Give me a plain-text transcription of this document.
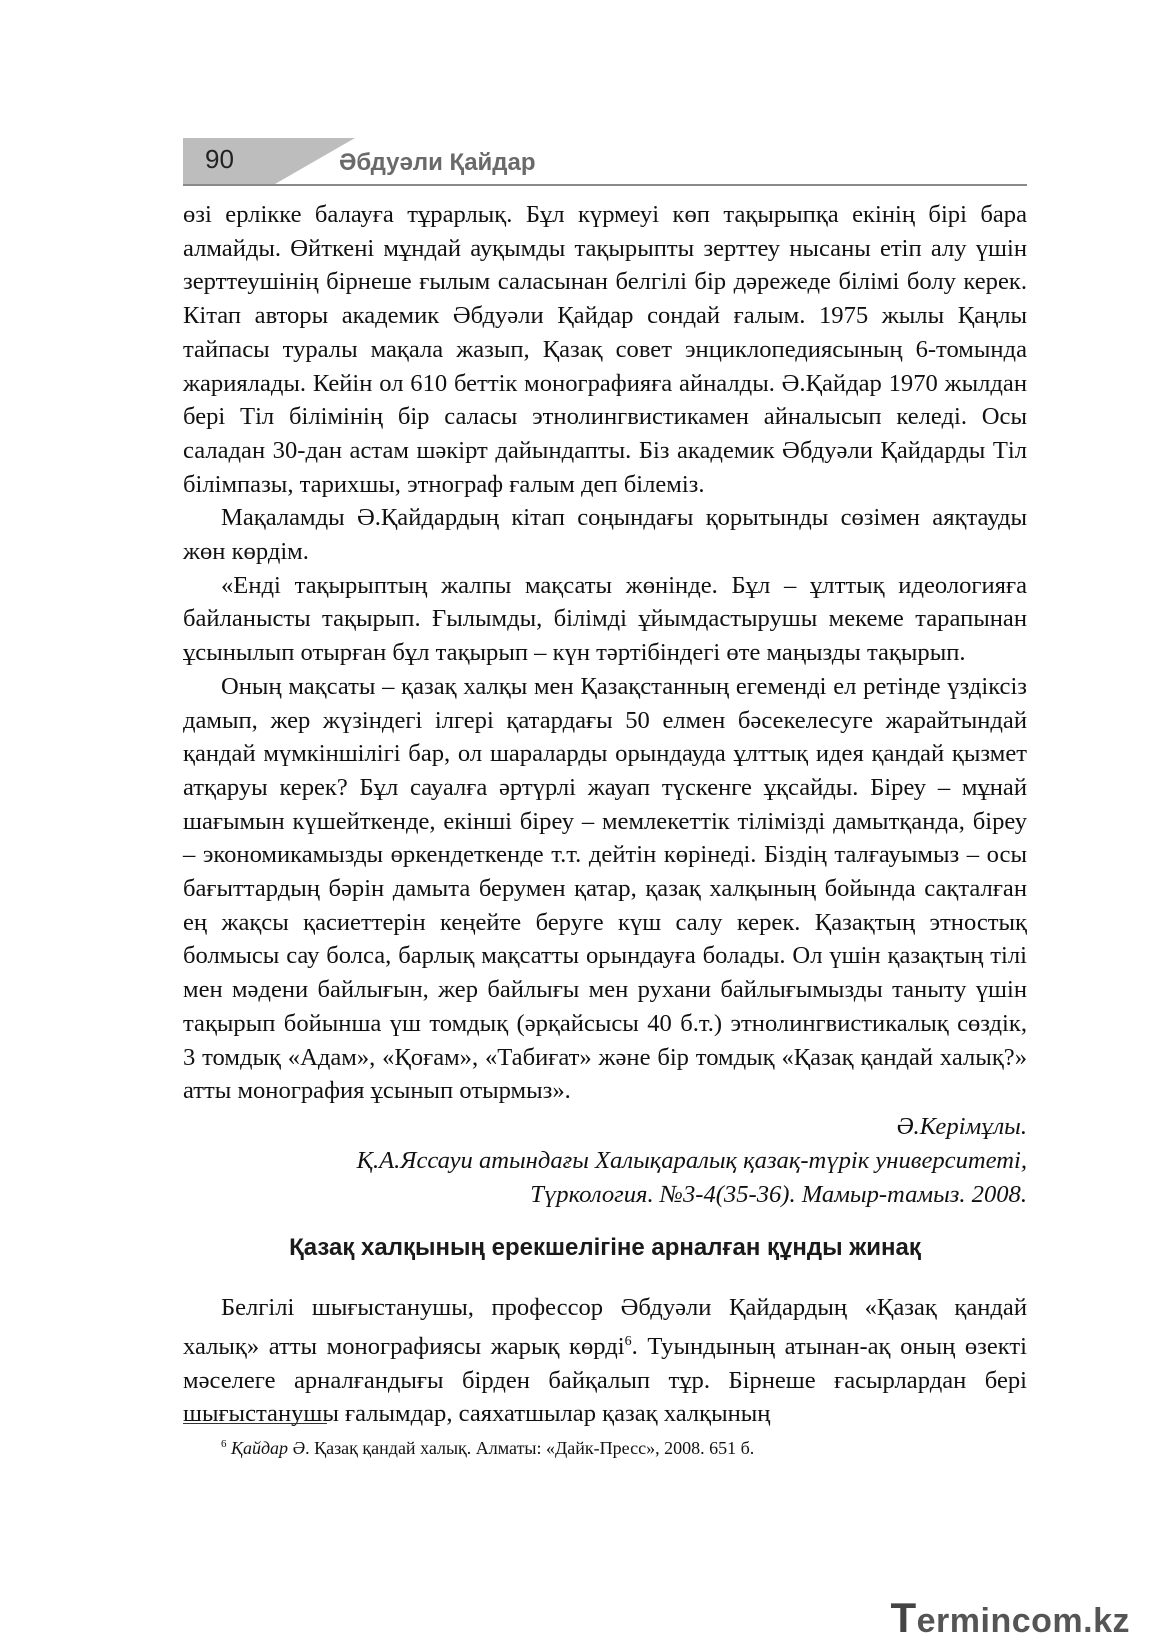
90	Әбдуәли Қайдар

өзі ерлікке балауға тұрарлық. Бұл күрмеуі көп тақырыпқа екінің бірі бара алмайды. Өйткені мұндай ауқымды тақырыпты зерттеу нысаны етіп алу үшін зерттеушінің бірнеше ғылым саласынан белгілі бір дәрежеде білімі болу керек. Кітап авторы академик Әбдуәли Қайдар сондай ғалым. 1975 жылы Қаңлы тайпасы туралы мақала жазып, Қазақ совет энциклопедиясының 6-томында жариялады. Кейін ол 610 беттік монографияға айналды. Ә.Қайдар 1970 жылдан бері Тіл білімінің бір саласы этнолингвистикамен айналысып келеді. Осы саладан 30-дан астам шәкірт дайындапты. Біз академик Әбдуәли Қайдарды Тіл білімпазы, тарихшы, этнограф ғалым деп білеміз.

Мақаламды Ә.Қайдардың кітап соңындағы қорытынды сөзімен аяқтауды жөн көрдім.

«Енді тақырыптың жалпы мақсаты жөнінде. Бұл – ұлттық идеологияға байланысты тақырып. Ғылымды, білімді ұйымдастырушы мекеме тарапынан ұсынылып отырған бұл тақырып – күн тәртібіндегі өте маңызды тақырып.

Оның мақсаты – қазақ халқы мен Қазақстанның егеменді ел ретінде үздіксіз дамып, жер жүзіндегі ілгері қатардағы 50 елмен бәсекелесуге жарайтындай қандай мүмкіншілігі бар, ол шараларды орындауда ұлттық идея қандай қызмет атқаруы керек? Бұл сауалға әртүрлі жауап түскенге ұқсайды. Біреу – мұнай шағымын күшейткенде, екінші біреу – мемлекеттік тілімізді дамытқанда, біреу – экономикамызды өркендеткенде т.т. дейтін көрінеді. Біздің талғауымыз – осы бағыттардың бәрін дамыта берумен қатар, қазақ халқының бойында сақталған ең жақсы қасиеттерін кеңейте беруге күш салу керек. Қазақтың этностық болмысы сау болса, барлық мақсатты орындауға болады. Ол үшін қазақтың тілі мен мәдени байлығын, жер байлығы мен рухани байлығымызды таныту үшін тақырып бойынша үш томдық (әрқайсысы 40 б.т.) этнолингвистикалық сөздік, 3 томдық «Адам», «Қоғам», «Табиғат» және бір томдық «Қазақ қандай халық?» атты монография ұсынып отырмыз».

Ә.Керімұлы.
Қ.А.Яссауи атындағы Халықаралық қазақ-түрік университеті,
Түркология. №3-4(35-36). Мамыр-тамыз. 2008.
Қазақ халқының ерекшелігіне арналған құнды жинақ

Белгілі шығыстанушы, профессор Әбдуәли Қайдардың «Қазақ қандай халық» атты монографиясы жарық көрді$^6$. Туындының атынан-ақ оның өзекті мәселеге арналғандығы бірден байқалып тұр. Бірнеше ғасырлардан бері шығыстанушы ғалымдар, саяхатшылар қазақ халқының

$^6$ Қайдар Ә. Қазақ қандай халық. Алматы: «Дайк-Пресс», 2008. 651 б.
Termincom.kz
